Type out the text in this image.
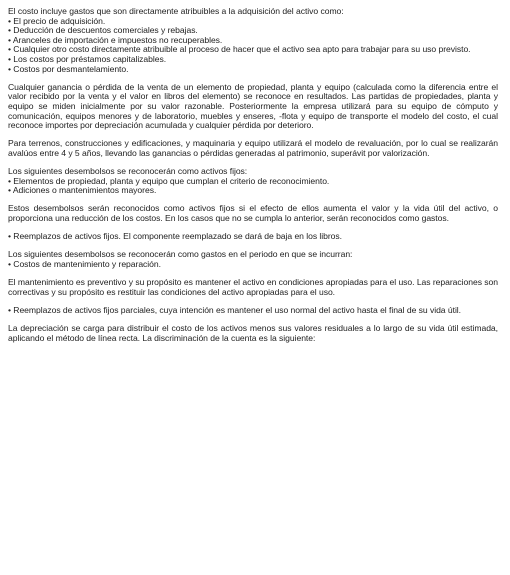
El costo incluye gastos que son directamente atribuibles a la adquisición del activo como:
• El precio de adquisición.
• Deducción de descuentos comerciales y rebajas.
• Aranceles de importación e impuestos no recuperables.
• Cualquier otro costo directamente atribuible al proceso de hacer que el activo sea apto para trabajar para su uso previsto.
• Los costos por préstamos capitalizables.
• Costos por desmantelamiento.

Cualquier ganancia o pérdida de la venta de un elemento de propiedad, planta y equipo (calculada como la diferencia entre el valor recibido por la venta y el valor en libros del elemento) se reconoce en resultados. Las partidas de propiedades, planta y equipo se miden inicialmente por su valor razonable. Posteriormente la empresa utilizará para su equipo de cómputo y comunicación, equipos menores y de laboratorio, muebles y enseres, -flota y equipo de transporte el modelo del costo, el cual reconoce importes por depreciación acumulada y cualquier pérdida por deterioro.

Para terrenos, construcciones y edificaciones, y maquinaria y equipo utilizará el modelo de revaluación, por lo cual se realizarán avalúos entre 4 y 5 años, llevando las ganancias o pérdidas generadas al patrimonio, superávit por valorización.

Los siguientes desembolsos se reconocerán como activos fijos:
• Elementos de propiedad, planta y equipo que cumplan el criterio de reconocimiento.
• Adiciones o mantenimientos mayores.

Estos desembolsos serán reconocidos como activos fijos si el efecto de ellos aumenta el valor y la vida útil del activo, o proporciona una reducción de los costos. En los casos que no se cumpla lo anterior, serán reconocidos como gastos.

• Reemplazos de activos fijos. El componente reemplazado se dará de baja en los libros.

Los siguientes desembolsos se reconocerán como gastos en el periodo en que se incurran:
• Costos de mantenimiento y reparación.

El mantenimiento es preventivo y su propósito es mantener el activo en condiciones apropiadas para el uso. Las reparaciones son correctivas y su propósito es restituir las condiciones del activo apropiadas para el uso.

• Reemplazos de activos fijos parciales, cuya intención es mantener el uso normal del activo hasta el final de su vida útil.

La depreciación se carga para distribuir el costo de los activos menos sus valores residuales a lo largo de su vida útil estimada, aplicando el método de línea recta. La discriminación de la cuenta es la siguiente:
